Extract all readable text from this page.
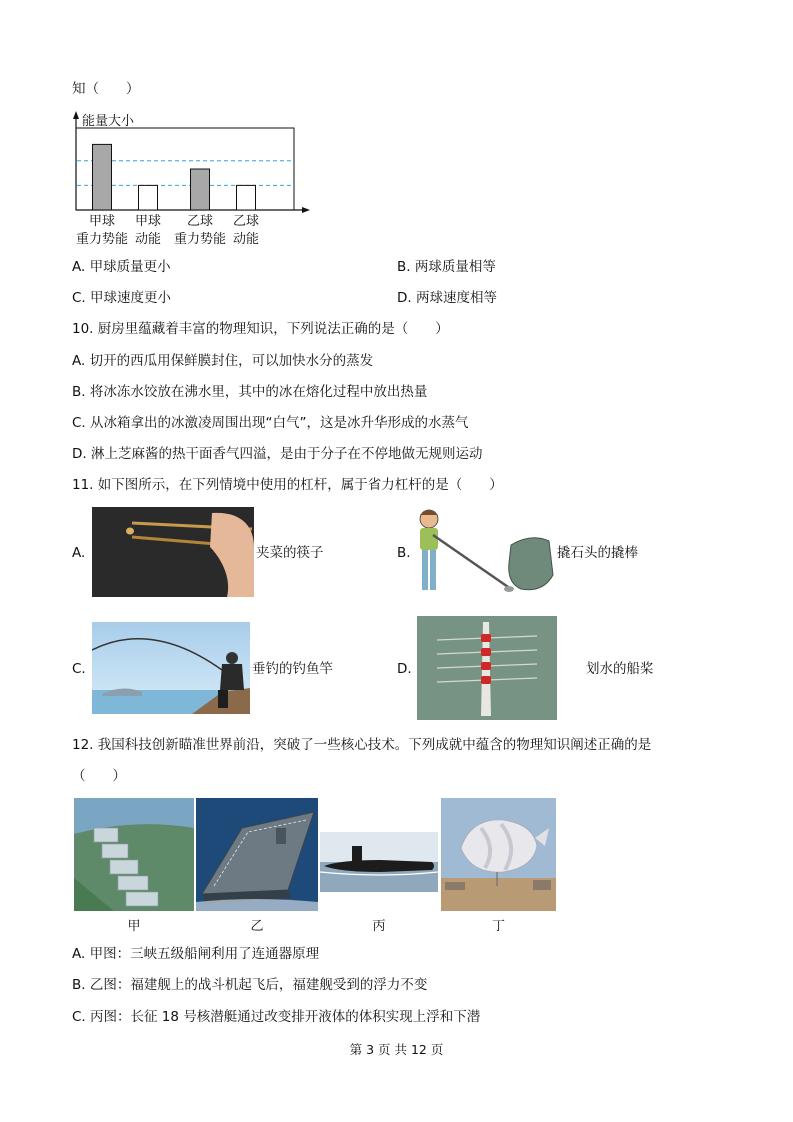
知（　　）
能量大小
甲球
重力势能
甲球
动能
乙球
重力势能
乙球
动能
A. 甲球质量更小	B. 两球质量相等
C. 甲球速度更小	D. 两球速度相等
10. 厨房里蕴藏着丰富的物理知识，下列说法正确的是（　　）
A. 切开的西瓜用保鲜膜封住，可以加快水分的蒸发
B. 将冰冻水饺放在沸水里，其中的冰在熔化过程中放出热量
C. 从冰箱拿出的冰激凌周围出现“白气”，这是冰升华形成的水蒸气
D. 淋上芝麻酱的热干面香气四溢，是由于分子在不停地做无规则运动
11. 如下图所示，在下列情境中使用的杠杆，属于省力杠杆的是（　　）
A.	夹菜的筷子	B.	撬石头的撬棒
C.	垂钓的钓鱼竿	D.	划水的船桨
12. 我国科技创新瞄准世界前沿，突破了一些核心技术。下列成就中蕴含的物理知识阐述正确的是
（　　）
甲	乙	丙	丁
A. 甲图：三峡五级船闸利用了连通器原理
B. 乙图：福建舰上的战斗机起飞后，福建舰受到的浮力不变
C. 丙图：长征 18 号核潜艇通过改变排开液体的体积实现上浮和下潜
第 3 页 共 12 页
